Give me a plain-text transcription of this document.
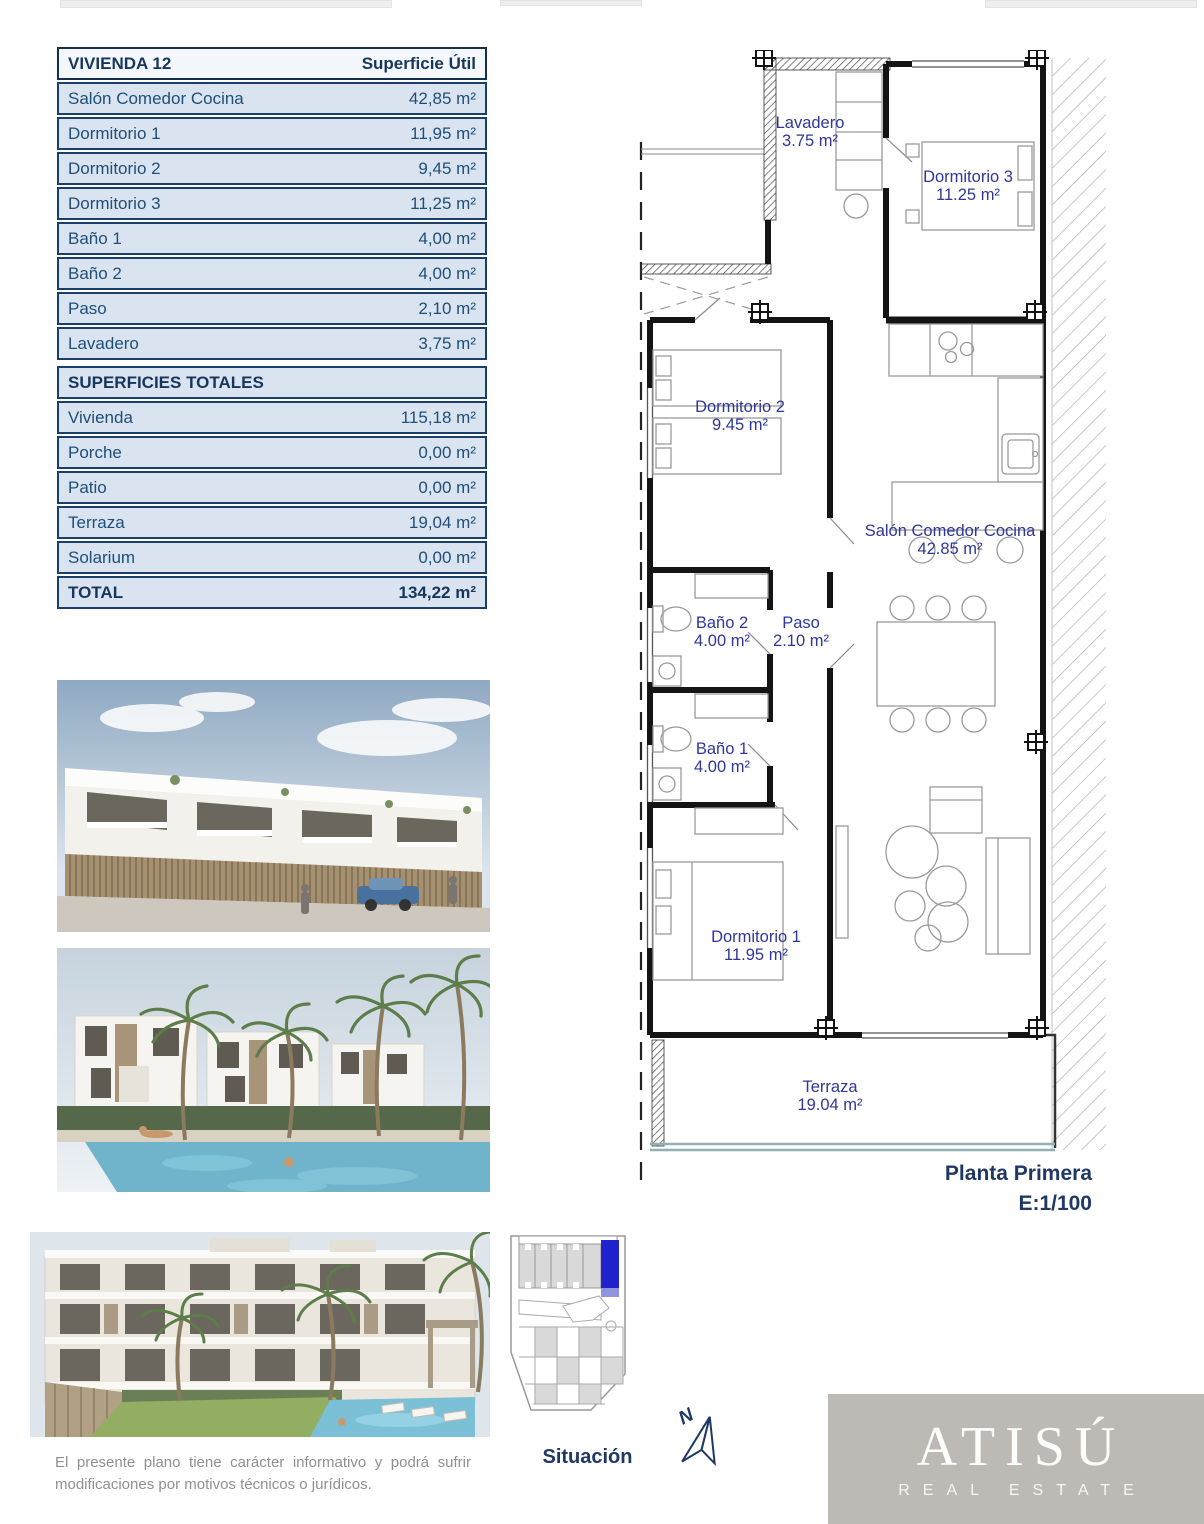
VIVIENDA 12	Superficie Útil
Salón Comedor Cocina	42,85 m²
Dormitorio 1	11,95 m²
Dormitorio 2	9,45 m²
Dormitorio 3	11,25 m²
Baño 1	4,00 m²
Baño 2	4,00 m²
Paso	2,10 m²
Lavadero	3,75 m²
SUPERFICIES TOTALES
Vivienda	115,18 m²
Porche	0,00 m²
Patio	0,00 m²
Terraza	19,04 m²
Solarium	0,00 m²
TOTAL	134,22 m²
Lavadero
3.75 m²
Dormitorio 3
11.25 m²
Dormitorio 2
9.45 m²
Salón Comedor Cocina
42.85 m²
Baño 2
4.00 m²
Paso
2.10 m²
Baño 1
4.00 m²
Dormitorio 1
11.95 m²
Terraza
19.04 m²
Planta Primera
E:1/100
Situación
N
El presente plano tiene carácter informativo y podrá sufrir
modificaciones por motivos técnicos o jurídicos.
ATISÚ
REAL ESTATE
